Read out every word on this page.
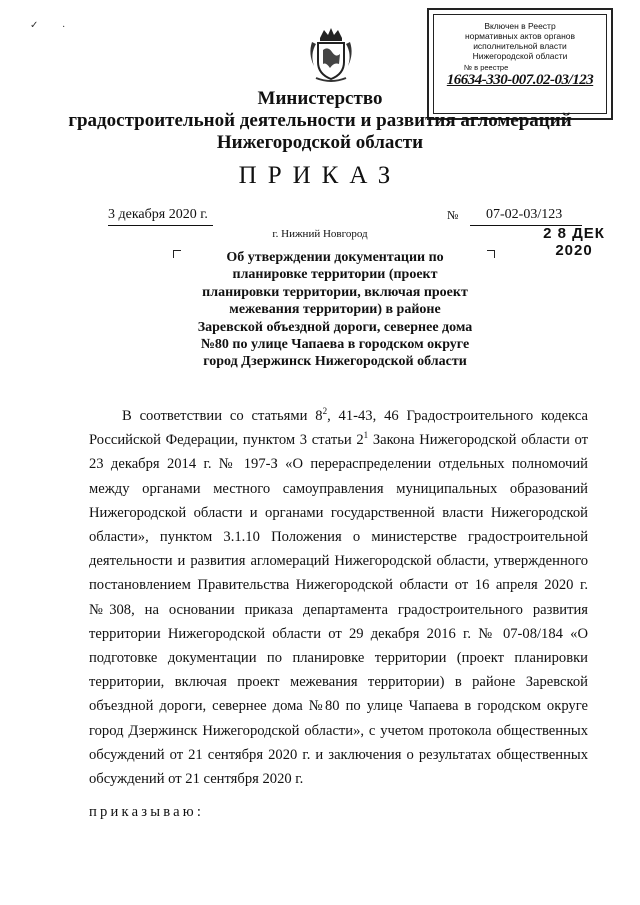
✓ ·	Включен в Реестр
нормативных актов органов
исполнительной власти
Нижегородской области
2 8 ДЕК 2020
№ в реестре
16634-330-007.02-03/123
Министерство
градостроительной деятельности и развития агломераций
Нижегородской области
ПРИКАЗ
3 декабря 2020 г.	№ 07-02-03/123
г. Нижний Новгород
Об утверждении документации по
планировке территории (проект
планировки территории, включая проект
межевания территории) в районе
Заревской объездной дороги, севернее дома
№80 по улице Чапаева в городском округе
город Дзержинск Нижегородской области

В соответствии со статьями $8^2$, 41-43, 46 Градостроительного кодекса Российской Федерации, пунктом 3 статьи $2^1$ Закона Нижегородской области от 23 декабря 2014 г. № 197-З «О перераспределении отдельных полномочий между органами местного самоуправления муниципальных образований Нижегородской области и органами государственной власти Нижегородской области», пунктом 3.1.10 Положения о министерстве градостроительной деятельности и развития агломераций Нижегородской области, утвержденного постановлением Правительства Нижегородской области от 16 апреля 2020 г. №308, на основании приказа департамента градостроительного развития территории Нижегородской области от 29 декабря 2016 г. № 07-08/184 «О подготовке документации по планировке территории (проект планировки территории, включая проект межевания территории) в районе Заревской объездной дороги, севернее дома №80 по улице Чапаева в городском округе город Дзержинск Нижегородской области», с учетом протокола общественных обсуждений от 21 сентября 2020 г. и заключения о результатах общественных обсуждений от 21 сентября 2020 г.

приказываю:
